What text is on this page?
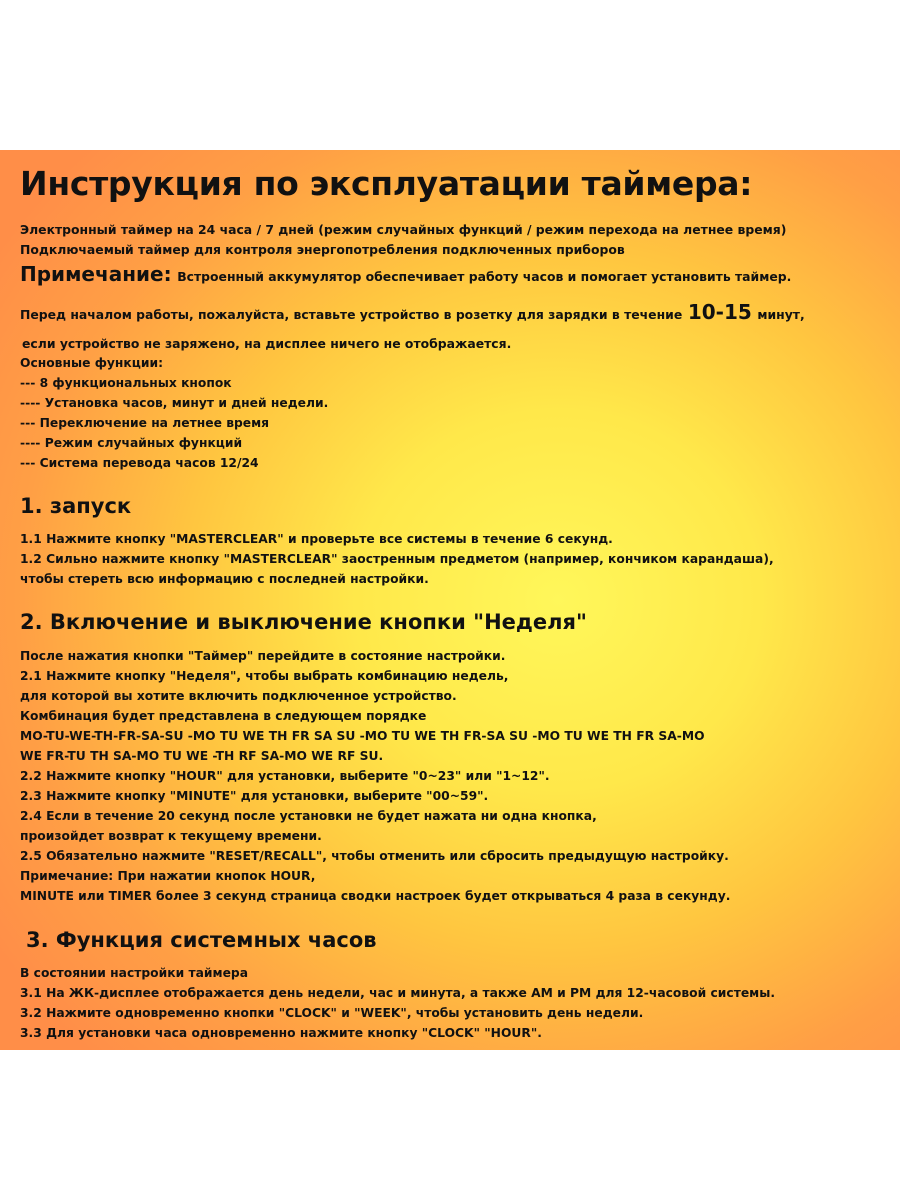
Инструкция по эксплуатации таймера:
Электронный таймер на 24 часа / 7 дней (режим случайных функций / режим перехода на летнее время)
Подключаемый таймер для контроля энергопотребления подключенных приборов
Примечание: Встроенный аккумулятор обеспечивает работу часов и помогает установить таймер.
Перед началом работы, пожалуйста, вставьте устройство в розетку для зарядки в течение 10-15 минут,
если устройство не заряжено, на дисплее ничего не отображается.
Основные функции:
--- 8 функциональных кнопок
---- Установка часов, минут и дней недели.
--- Переключение на летнее время
---- Режим случайных функций
--- Система перевода часов 12/24
1. запуск
1.1 Нажмите кнопку "MASTERCLEAR" и проверьте все системы в течение 6 секунд.
1.2 Сильно нажмите кнопку "MASTERCLEAR" заостренным предметом (например, кончиком карандаша),
чтобы стереть всю информацию с последней настройки.
2. Включение и выключение кнопки "Неделя"
После нажатия кнопки "Таймер" перейдите в состояние настройки.
2.1 Нажмите кнопку "Неделя", чтобы выбрать комбинацию недель,
для которой вы хотите включить подключенное устройство.
Комбинация будет представлена в следующем порядке
MO-TU-WE-TH-FR-SA-SU -MO TU WE TH FR SA SU -MO TU WE TH FR-SA SU -MO TU WE TH FR SA-MO
WE FR-TU TH SA-MO TU WE -TH RF SA-MO WE RF SU.
2.2 Нажмите кнопку "HOUR" для установки, выберите "0~23" или "1~12".
2.3 Нажмите кнопку "MINUTE" для установки, выберите "00~59".
2.4 Если в течение 20 секунд после установки не будет нажата ни одна кнопка,
произойдет возврат к текущему времени.
2.5 Обязательно нажмите "RESET/RECALL", чтобы отменить или сбросить предыдущую настройку.
Примечание: При нажатии кнопок HOUR,
MINUTE или TIMER более 3 секунд страница сводки настроек будет открываться 4 раза в секунду.
3. Функция системных часов
В состоянии настройки таймера
3.1 На ЖК-дисплее отображается день недели, час и минута, а также AM и PM для 12-часовой системы.
3.2 Нажмите одновременно кнопки "CLOCK" и "WEEK", чтобы установить день недели.
3.3 Для установки часа одновременно нажмите кнопку "CLOCK" "HOUR".
